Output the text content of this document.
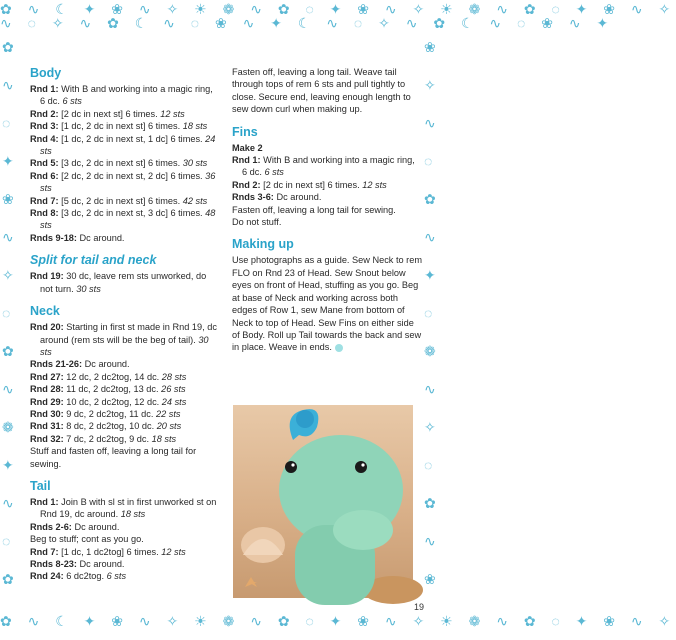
✿ ∿ ☾ ✦ ❀ ∿ ✧ ☀ ❁ ∿ ✿ ◌ ✦ ❀ ∿ ✧ ☀ ❁ ∿ ✿ ◌ ✦ ❀ ∿ ✧
∿ ◌ ✧ ∿ ✿ ☾ ∿ ◌ ❀ ∿ ✦ ☾ ∿ ◌ ✧ ∿ ✿ ☾ ∿ ◌ ❀ ∿ ✦
✿
∿
◌
✦
❀
∿
✧
◌
✿
∿
❁
✦
∿
◌
✿
❀
✧
∿
◌
✿
∿
✦
◌
❁
∿
✧
◌
✿
∿
❀
✿ ∿ ☾ ✦ ❀ ∿ ✧ ☀ ❁ ∿ ✿ ◌ ✦ ❀ ∿ ✧ ☀ ❁ ∿ ✿ ◌ ✦ ❀ ∿ ✧
Body

Rnd 1: With B and working into a magic ring, 6 dc. 6 sts

Rnd 2: [2 dc in next st] 6 times. 12 sts

Rnd 3: [1 dc, 2 dc in next st] 6 times. 18 sts

Rnd 4: [1 dc, 2 dc in next st, 1 dc] 6 times. 24 sts

Rnd 5: [3 dc, 2 dc in next st] 6 times. 30 sts

Rnd 6: [2 dc, 2 dc in next st, 2 dc] 6 times. 36 sts

Rnd 7: [5 dc, 2 dc in next st] 6 times. 42 sts

Rnd 8: [3 dc, 2 dc in next st, 3 dc] 6 times. 48 sts

Rnds 9-18: Dc around.

Split for tail and neck

Rnd 19: 30 dc, leave rem sts unworked, do not turn. 30 sts

Neck

Rnd 20: Starting in first st made in Rnd 19, dc around (rem sts will be the beg of tail). 30 sts

Rnds 21-26: Dc around.

Rnd 27: 12 dc, 2 dc2tog, 14 dc. 28 sts

Rnd 28: 11 dc, 2 dc2tog, 13 dc. 26 sts

Rnd 29: 10 dc, 2 dc2tog, 12 dc. 24 sts

Rnd 30: 9 dc, 2 dc2tog, 11 dc. 22 sts

Rnd 31: 8 dc, 2 dc2tog, 10 dc. 20 sts

Rnd 32: 7 dc, 2 dc2tog, 9 dc. 18 sts

Stuff and fasten off, leaving a long tail for sewing.

Tail

Rnd 1: Join B with sl st in first unworked st on Rnd 19, dc around. 18 sts

Rnds 2-6: Dc around.

Beg to stuff; cont as you go.

Rnd 7: [1 dc, 1 dc2tog] 6 times. 12 sts

Rnds 8-23: Dc around.

Rnd 24: 6 dc2tog. 6 sts

Fasten off, leaving a long tail. Weave tail through tops of rem 6 sts and pull tightly to close. Secure end, leaving enough length to sew down curl when making up.

Fins

Make 2

Rnd 1: With B and working into a magic ring, 6 dc. 6 sts

Rnd 2: [2 dc in next st] 6 times. 12 sts

Rnds 3-6: Dc around.

Fasten off, leaving a long tail for sewing.

Do not stuff.

Making up

Use photographs as a guide. Sew Neck to rem FLO on Rnd 23 of Head. Sew Snout below eyes on front of Head, stuffing as you go. Beg at base of Neck and working across both edges of Row 1, sew Mane from bottom of Neck to top of Head. Sew Fins on either side of Body. Roll up Tail towards the back and sew in place. Weave in ends.

19
